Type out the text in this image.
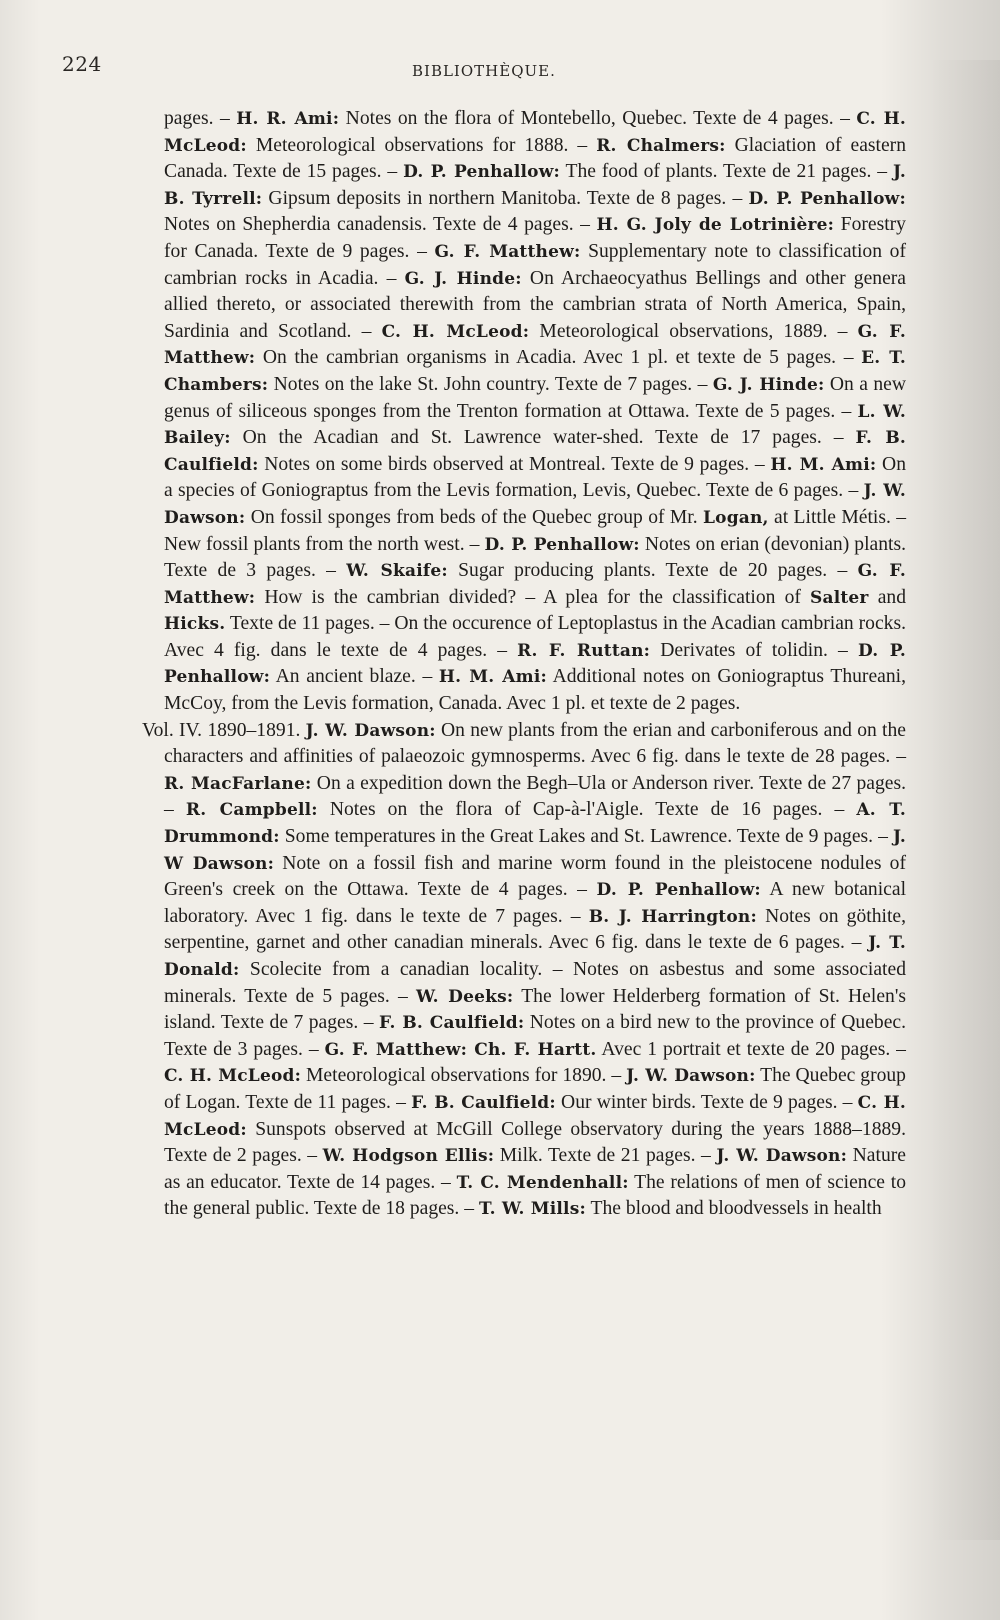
224	BIBLIOTHÈQUE.

pages. – H. R. Ami: Notes on the flora of Montebello, Quebec. Texte de 4 pages. – C. H. McLeod: Meteorological observations for 1888. – R. Chalmers: Glaciation of eastern Canada. Texte de 15 pages. – D. P. Penhallow: The food of plants. Texte de 21 pages. – J. B. Tyrrell: Gipsum deposits in northern Manitoba. Texte de 8 pages. – D. P. Penhallow: Notes on Shepherdia canadensis. Texte de 4 pages. – H. G. Joly de Lotrinière: Forestry for Canada. Texte de 9 pages. – G. F. Matthew: Supplementary note to classification of cambrian rocks in Acadia. – G. J. Hinde: On Archaeocyathus Bellings and other genera allied thereto, or associated therewith from the cambrian strata of North America, Spain, Sardinia and Scotland. – C. H. McLeod: Meteorological observations, 1889. – G. F. Matthew: On the cambrian organisms in Acadia. Avec 1 pl. et texte de 5 pages. – E. T. Chambers: Notes on the lake St. John country. Texte de 7 pages. – G. J. Hinde: On a new genus of siliceous sponges from the Trenton formation at Ottawa. Texte de 5 pages. – L. W. Bailey: On the Acadian and St. Lawrence water-shed. Texte de 17 pages. – F. B. Caulfield: Notes on some birds observed at Montreal. Texte de 9 pages. – H. M. Ami: On a species of Goniograptus from the Levis formation, Levis, Quebec. Texte de 6 pages. – J. W. Dawson: On fossil sponges from beds of the Quebec group of Mr. Logan, at Little Métis. – New fossil plants from the north west. – D. P. Penhallow: Notes on erian (devonian) plants. Texte de 3 pages. – W. Skaife: Sugar producing plants. Texte de 20 pages. – G. F. Matthew: How is the cambrian divided? – A plea for the classification of Salter and Hicks. Texte de 11 pages. – On the occurence of Leptoplastus in the Acadian cambrian rocks. Avec 4 fig. dans le texte de 4 pages. – R. F. Ruttan: Derivates of tolidin. – D. P. Penhallow: An ancient blaze. – H. M. Ami: Additional notes on Goniograptus Thureani, McCoy, from the Levis formation, Canada. Avec 1 pl. et texte de 2 pages.

Vol. IV. 1890–1891. J. W. Dawson: On new plants from the erian and carboniferous and on the characters and affinities of palaeozoic gymnosperms. Avec 6 fig. dans le texte de 28 pages. – R. MacFarlane: On a expedition down the Begh–Ula or Anderson river. Texte de 27 pages. – R. Campbell: Notes on the flora of Cap-à-l'Aigle. Texte de 16 pages. – A. T. Drummond: Some temperatures in the Great Lakes and St. Lawrence. Texte de 9 pages. – J. W Dawson: Note on a fossil fish and marine worm found in the pleistocene nodules of Green's creek on the Ottawa. Texte de 4 pages. – D. P. Penhallow: A new botanical laboratory. Avec 1 fig. dans le texte de 7 pages. – B. J. Harrington: Notes on göthite, serpentine, garnet and other canadian minerals. Avec 6 fig. dans le texte de 6 pages. – J. T. Donald: Scolecite from a canadian locality. – Notes on asbestus and some associated minerals. Texte de 5 pages. – W. Deeks: The lower Helderberg formation of St. Helen's island. Texte de 7 pages. – F. B. Caulfield: Notes on a bird new to the province of Quebec. Texte de 3 pages. – G. F. Matthew: Ch. F. Hartt. Avec 1 portrait et texte de 20 pages. – C. H. McLeod: Meteorological observations for 1890. – J. W. Dawson: The Quebec group of Logan. Texte de 11 pages. – F. B. Caulfield: Our winter birds. Texte de 9 pages. – C. H. McLeod: Sunspots observed at McGill College observatory during the years 1888–1889. Texte de 2 pages. – W. Hodgson Ellis: Milk. Texte de 21 pages. – J. W. Dawson: Nature as an educator. Texte de 14 pages. – T. C. Mendenhall: The relations of men of science to the general public. Texte de 18 pages. – T. W. Mills: The blood and bloodvessels in health
